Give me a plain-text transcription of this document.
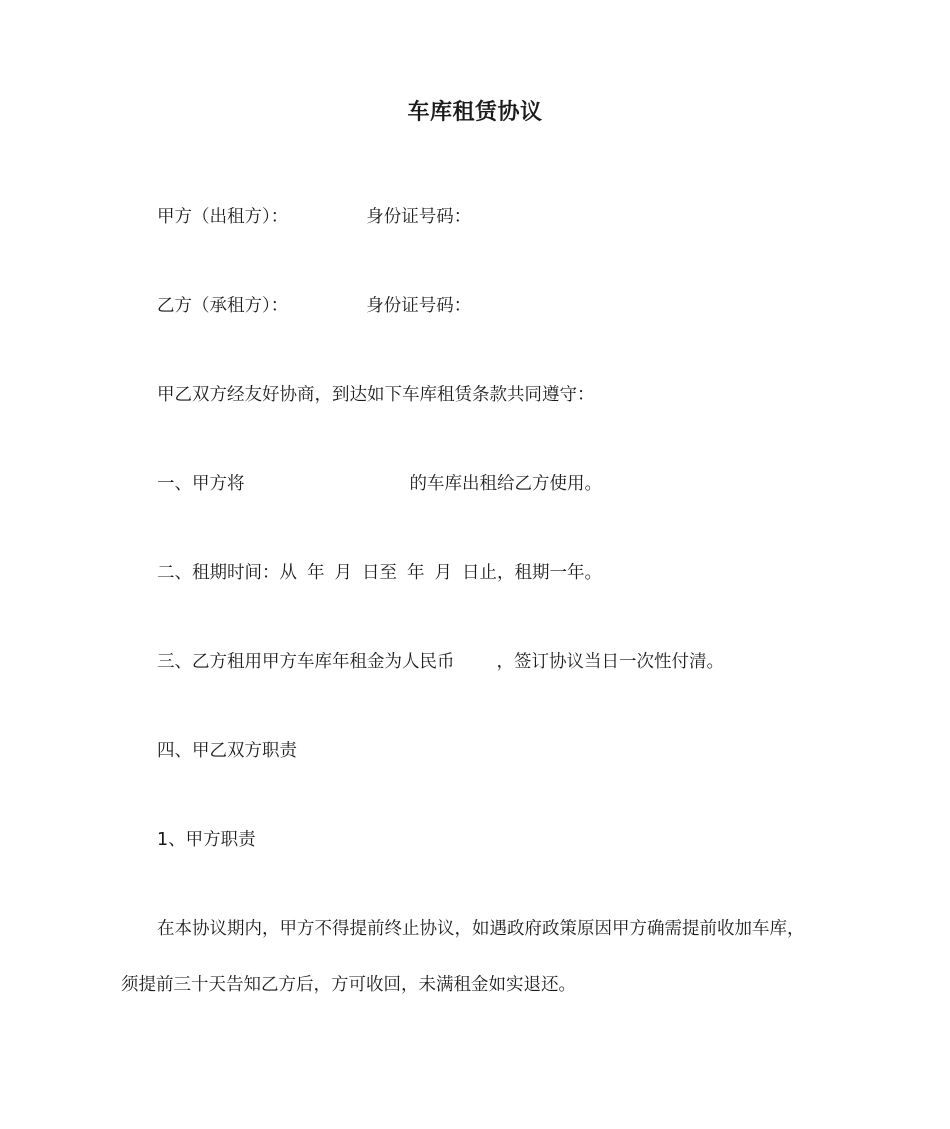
车库租赁协议
甲方（出租方）：	身份证号码：
乙方（承租方）：	身份证号码：
甲乙双方经友好协商，到达如下车库租赁条款共同遵守：
一、甲方将	的车库出租给乙方使用。
二、租期时间：从 年 月 日至 年 月 日止，租期一年。
三、乙方租用甲方车库年租金为人民币 ，签订协议当日一次性付清。
四、甲乙双方职责
1、甲方职责
在本协议期内，甲方不得提前终止协议，如遇政府政策原因甲方确需提前收加车库，
须提前三十天告知乙方后，方可收回，未满租金如实退还。
